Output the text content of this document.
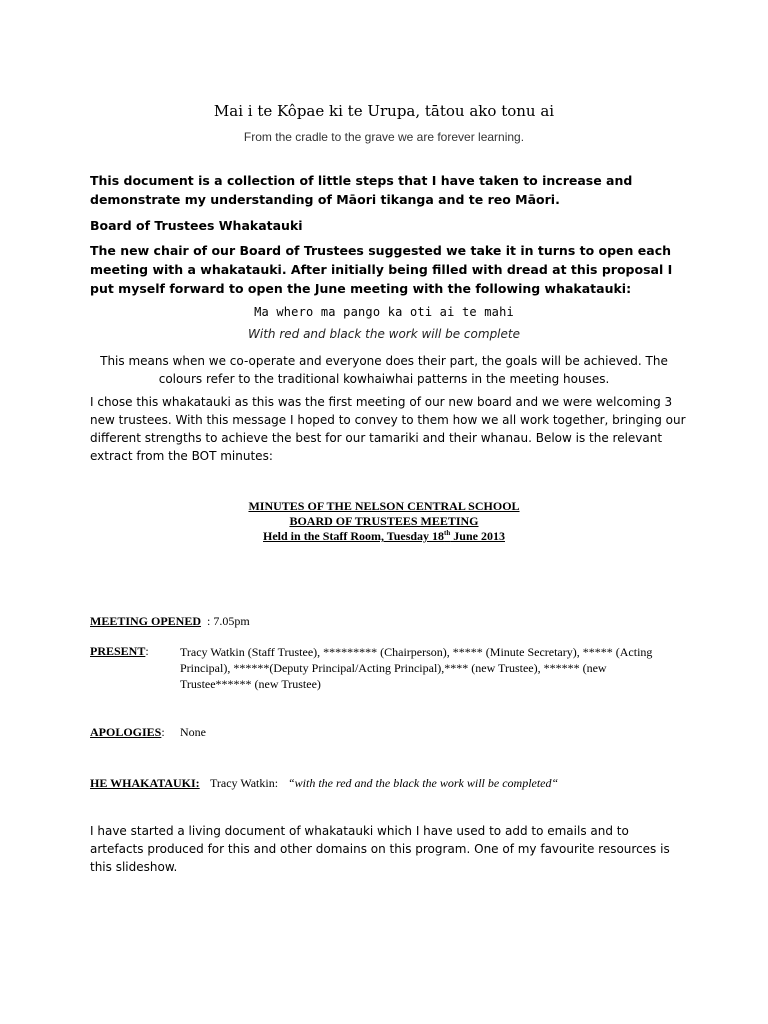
Mai i te Kôpae ki te Urupa, tātou ako tonu ai

From the cradle to the grave we are forever learning.

This document is a collection of little steps that I have taken to increase and demonstrate my understanding of Māori tikanga and te reo Māori.

Board of Trustees Whakatauki

The new chair of our Board of Trustees suggested we take it in turns to open each meeting with a whakatauki. After initially being filled with dread at this proposal I put myself forward to open the June meeting with the following whakatauki:

Ma whero ma pango ka oti ai te mahi

With red and black the work will be complete

This means when we co-operate and everyone does their part, the goals will be achieved. The colours refer to the traditional kowhaiwhai patterns in the meeting houses.

I chose this whakatauki as this was the first meeting of our new board and we were welcoming 3 new trustees. With this message I hoped to convey to them how we all work together, bringing our different strengths to achieve the best for our tamariki and their whanau. Below is the relevant extract from the BOT minutes:

MINUTES OF THE NELSON CENTRAL SCHOOL

BOARD OF TRUSTEES MEETING

Held in the Staff Room, Tuesday 18th June 2013

MEETING OPENED : 7.05pm

PRESENT:	Tracy Watkin (Staff Trustee), ********* (Chairperson), ***** (Minute Secretary), ***** (Acting Principal), ******(Deputy Principal/Acting Principal),**** (new Trustee), ****** (new Trustee****** (new Trustee)

APOLOGIES: None

HE WHAKATAUKI: Tracy Watkin: “with the red and the black the work will be completed“

I have started a living document of whakatauki which I have used to add to emails and to artefacts produced for this and other domains on this program. One of my favourite resources is this slideshow.
